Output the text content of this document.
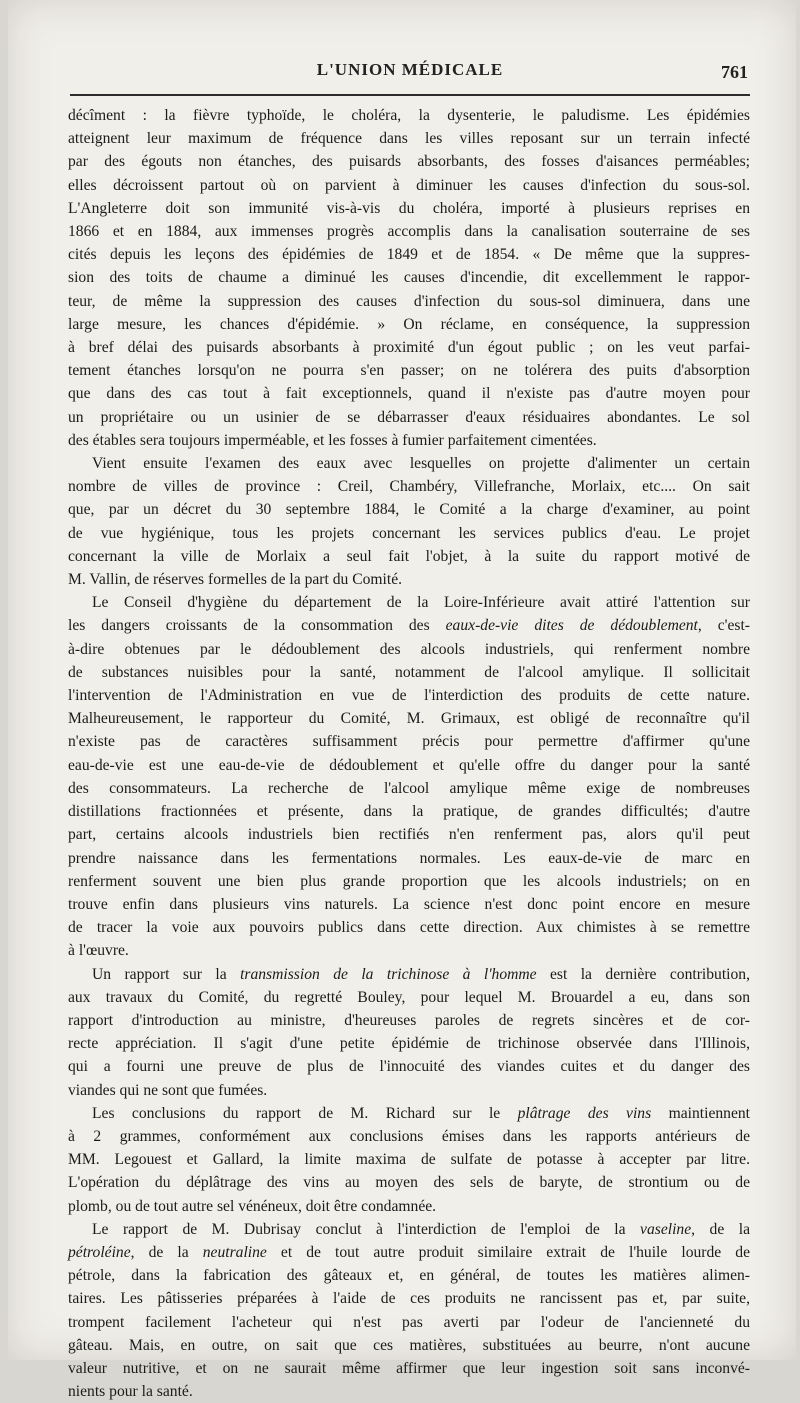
L'UNION MÉDICALE	761
décîment : la fièvre typhoïde, le choléra, la dysenterie, le paludisme. Les épidémies
atteignent leur maximum de fréquence dans les villes reposant sur un terrain infecté
par des égouts non étanches, des puisards absorbants, des fosses d'aisances perméables;
elles décroissent partout où on parvient à diminuer les causes d'infection du sous-sol.
L'Angleterre doit son immunité vis-à-vis du choléra, importé à plusieurs reprises en
1866 et en 1884, aux immenses progrès accomplis dans la canalisation souterraine de ses
cités depuis les leçons des épidémies de 1849 et de 1854. « De même que la suppres-
sion des toits de chaume a diminué les causes d'incendie, dit excellemment le rappor-
teur, de même la suppression des causes d'infection du sous-sol diminuera, dans une
large mesure, les chances d'épidémie. » On réclame, en conséquence, la suppression
à bref délai des puisards absorbants à proximité d'un égout public ; on les veut parfai-
tement étanches lorsqu'on ne pourra s'en passer; on ne tolérera des puits d'absorption
que dans des cas tout à fait exceptionnels, quand il n'existe pas d'autre moyen pour
un propriétaire ou un usinier de se débarrasser d'eaux résiduaires abondantes. Le sol
des étables sera toujours imperméable, et les fosses à fumier parfaitement cimentées.
Vient ensuite l'examen des eaux avec lesquelles on projette d'alimenter un certain
nombre de villes de province : Creil, Chambéry, Villefranche, Morlaix, etc.... On sait
que, par un décret du 30 septembre 1884, le Comité a la charge d'examiner, au point
de vue hygiénique, tous les projets concernant les services publics d'eau. Le projet
concernant la ville de Morlaix a seul fait l'objet, à la suite du rapport motivé de
M. Vallin, de réserves formelles de la part du Comité.
Le Conseil d'hygiène du département de la Loire-Inférieure avait attiré l'attention sur
les dangers croissants de la consommation des eaux-de-vie dites de dédoublement, c'est-
à-dire obtenues par le dédoublement des alcools industriels, qui renferment nombre
de substances nuisibles pour la santé, notamment de l'alcool amylique. Il sollicitait
l'intervention de l'Administration en vue de l'interdiction des produits de cette nature.
Malheureusement, le rapporteur du Comité, M. Grimaux, est obligé de reconnaître qu'il
n'existe pas de caractères suffisamment précis pour permettre d'affirmer qu'une
eau-de-vie est une eau-de-vie de dédoublement et qu'elle offre du danger pour la santé
des consommateurs. La recherche de l'alcool amylique même exige de nombreuses
distillations fractionnées et présente, dans la pratique, de grandes difficultés; d'autre
part, certains alcools industriels bien rectifiés n'en renferment pas, alors qu'il peut
prendre naissance dans les fermentations normales. Les eaux-de-vie de marc en
renferment souvent une bien plus grande proportion que les alcools industriels; on en
trouve enfin dans plusieurs vins naturels. La science n'est donc point encore en mesure
de tracer la voie aux pouvoirs publics dans cette direction. Aux chimistes à se remettre
à l'œuvre.
Un rapport sur la transmission de la trichinose à l'homme est la dernière contribution,
aux travaux du Comité, du regretté Bouley, pour lequel M. Brouardel a eu, dans son
rapport d'introduction au ministre, d'heureuses paroles de regrets sincères et de cor-
recte appréciation. Il s'agit d'une petite épidémie de trichinose observée dans l'Illinois,
qui a fourni une preuve de plus de l'innocuité des viandes cuites et du danger des
viandes qui ne sont que fumées.
Les conclusions du rapport de M. Richard sur le plâtrage des vins maintiennent
à 2 grammes, conformément aux conclusions émises dans les rapports antérieurs de
MM. Legouest et Gallard, la limite maxima de sulfate de potasse à accepter par litre.
L'opération du déplâtrage des vins au moyen des sels de baryte, de strontium ou de
plomb, ou de tout autre sel vénéneux, doit être condamnée.
Le rapport de M. Dubrisay conclut à l'interdiction de l'emploi de la vaseline, de la
pétroléine, de la neutraline et de tout autre produit similaire extrait de l'huile lourde de
pétrole, dans la fabrication des gâteaux et, en général, de toutes les matières alimen-
taires. Les pâtisseries préparées à l'aide de ces produits ne rancissent pas et, par suite,
trompent facilement l'acheteur qui n'est pas averti par l'odeur de l'ancienneté du
gâteau. Mais, en outre, on sait que ces matières, substituées au beurre, n'ont aucune
valeur nutritive, et on ne saurait même affirmer que leur ingestion soit sans inconvé-
nients pour la santé.
